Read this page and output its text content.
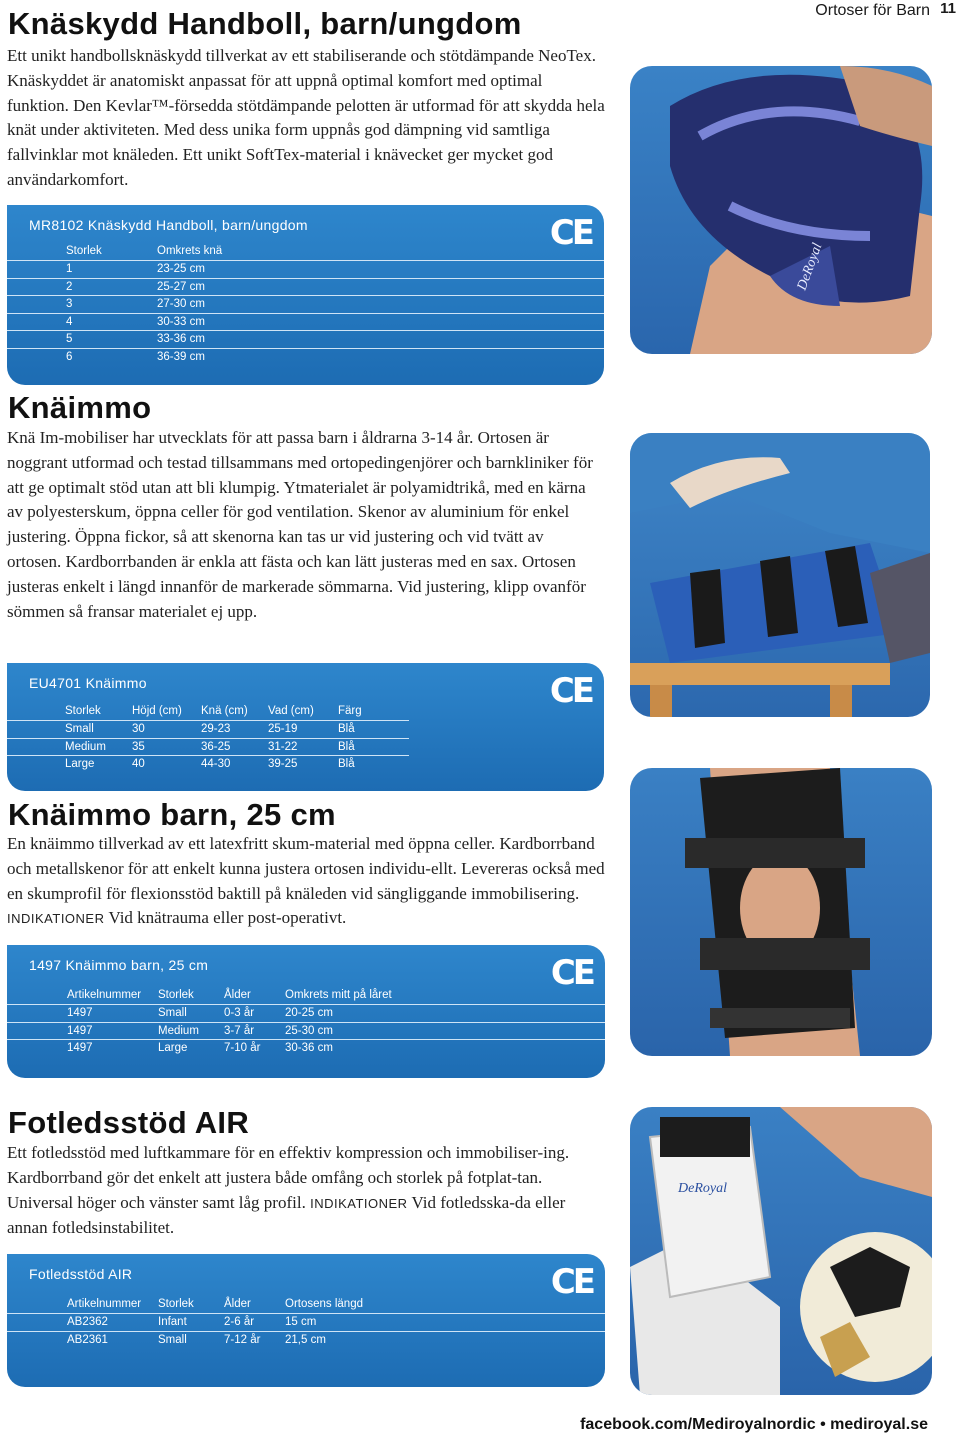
Ortoser för Barn 11
Knäskydd Handboll, barn/ungdom

Ett unikt handbollsknäskydd tillverkat av ett stabiliserande och stötdämpande NeoTex. Knäskyddet är anatomiskt anpassat för att uppnå optimal komfort med optimal funktion. Den Kevlar™-försedda stötdämpande pelotten är utformad för att skydda hela knät under aktiviteten. Med dess unika form uppnås god dämpning vid samtliga fallvinklar mot knäleden. Ett unikt SoftTex-material i knävecket ger mycket god användarkomfort.

MR8102 Knäskydd Handboll, barn/ungdom	CE
Storlek	Omkrets knä
1	23-25 cm
2	25-27 cm
3	27-30 cm
4	30-33 cm
5	33-36 cm
6	36-39 cm
DeRoyal
Knäimmo

Knä Im-mobiliser har utvecklats för att passa barn i åldrarna 3-14 år. Ortosen är noggrant utformad och testad tillsammans med ortopedingenjörer och barnkliniker för att ge optimalt stöd utan att bli klumpig. Ytmaterialet är polyamidtrikå, med en kärna av polyesterskum, öppna celler för god ventilation. Skenor av aluminium för enkel justering. Öppna fickor, så att skenorna kan tas ur vid justering och vid tvätt av ortosen. Kardborrbanden är enkla att fästa och kan lätt justeras med en sax. Ortosen justeras enkelt i längd innanför de markerade sömmarna. Vid justering, klipp ovanför sömmen så fransar materialet ej upp.

EU4701 Knäimmo	CE
Storlek	Höjd (cm)	Knä (cm)	Vad (cm)	Färg
Small	30	29-23	25-19	Blå
Medium	35	36-25	31-22	Blå
Large	40	44-30	39-25	Blå
Knäimmo barn, 25 cm

En knäimmo tillverkad av ett latexfritt skum-material med öppna celler. Kardborrband och metallskenor för att enkelt kunna justera ortosen individu-ellt. Levereras också med en skumprofil för flexionsstöd baktill på knäleden vid sängliggande immobilisering. INDIKATIONER Vid knätrauma eller post-operativt.

1497 Knäimmo barn, 25 cm	CE
Artikelnummer	Storlek	Ålder	Omkrets mitt på låret
1497	Small	0-3 år	20-25 cm
1497	Medium	3-7 år	25-30 cm
1497	Large	7-10 år	30-36 cm
Fotledsstöd AIR

Ett fotledsstöd med luftkammare för en effektiv kompression och immobiliser-ing. Kardborrband gör det enkelt att justera både omfång och storlek på fotplat-tan. Universal höger och vänster samt låg profil. INDIKATIONER Vid fotledsska-da eller annan fotledsinstabilitet.

Fotledsstöd AIR	CE
Artikelnummer	Storlek	Ålder	Ortosens längd
AB2362	Infant	2-6 år	15 cm
AB2361	Small	7-12 år	21,5 cm
DeRoyal
facebook.com/Mediroyalnordic • mediroyal.se
